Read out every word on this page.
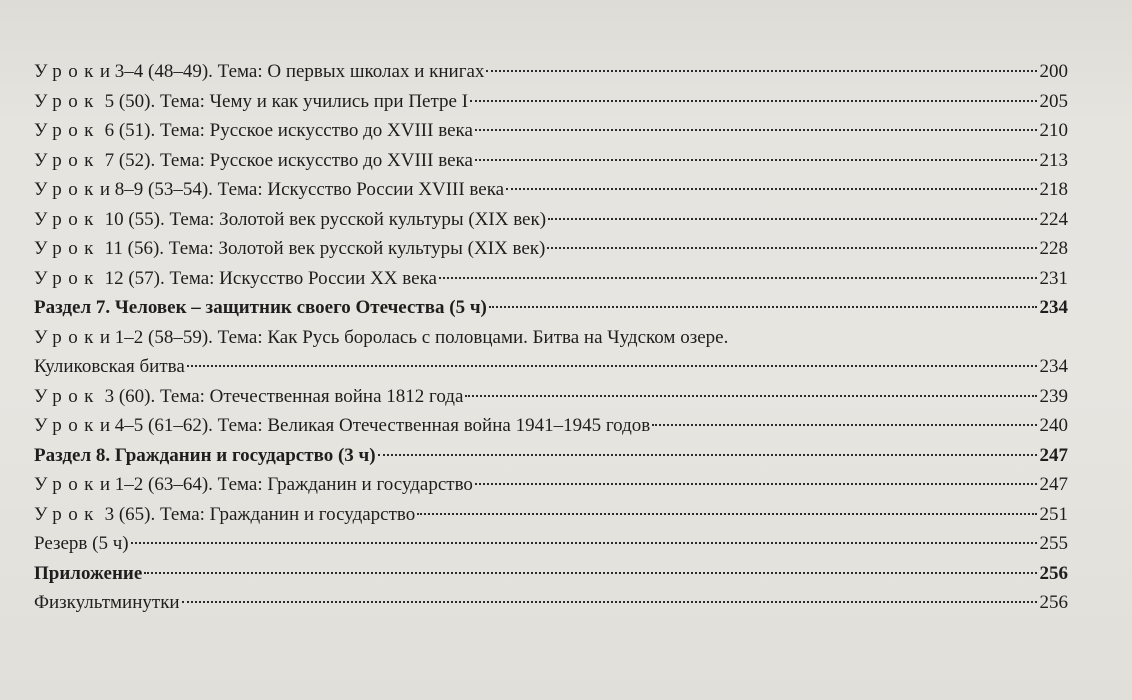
Уроки 3–4 (48–49). Тема: О первых школах и книгах	200
Урок 5 (50). Тема: Чему и как учились при Петре I	205
Урок 6 (51). Тема: Русское искусство до XVIII века	210
Урок 7 (52). Тема: Русское искусство до XVIII века	213
Уроки 8–9 (53–54). Тема: Искусство России XVIII века	218
Урок 10 (55). Тема: Золотой век русской культуры (XIX век)	224
Урок 11 (56). Тема: Золотой век русской культуры (XIX век)	228
Урок 12 (57). Тема: Искусство России XX века	231
Раздел 7. Человек – защитник своего Отечества (5 ч)	234
Уроки 1–2 (58–59). Тема: Как Русь боролась с половцами. Битва на Чудском озере.
Куликовская битва	234
Урок 3 (60). Тема: Отечественная война 1812 года	239
Уроки 4–5 (61–62). Тема: Великая Отечественная война 1941–1945 годов	240
Раздел 8. Гражданин и государство (3 ч)	247
Уроки 1–2 (63–64). Тема: Гражданин и государство	247
Урок 3 (65). Тема: Гражданин и государство	251
Резерв (5 ч)	255
Приложение	256
Физкультминутки	256
